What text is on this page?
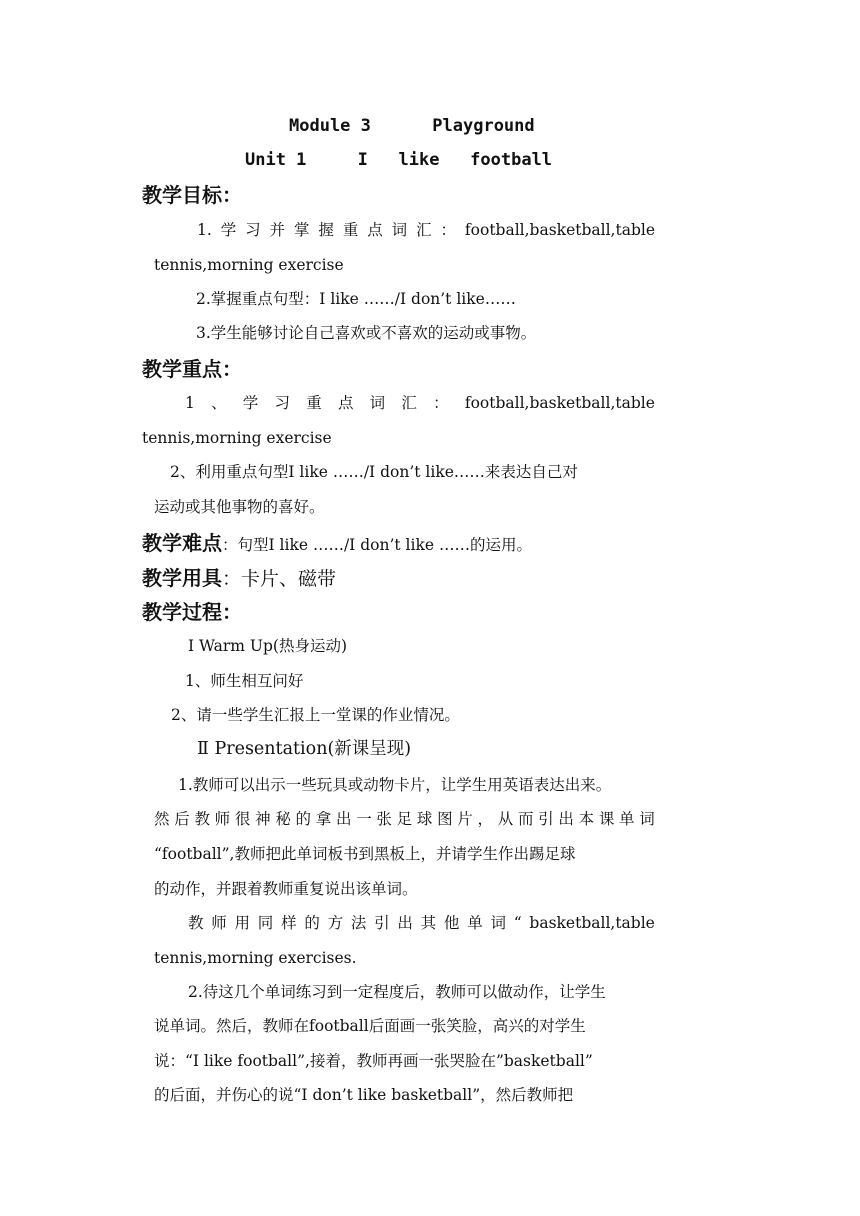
Module 3      Playground
Unit 1     I   like   football
教学目标：
1. 学 习 并 掌 握 重 点 词 汇 ： football,basketball,table
tennis,morning exercise
2.掌握重点句型：I like ……/I don’t like……
3.学生能够讨论自己喜欢或不喜欢的运动或事物。
教学重点：
1 、 学 习 重 点 词 汇 ： football,basketball,table
tennis,morning exercise
2、利用重点句型I like ……/I don’t like……来表达自己对
运动或其他事物的喜好。
教学难点：句型I like ……/I don’t like ……的运用。
教学用具：卡片、磁带
教学过程：
Ⅰ Warm Up(热身运动)
1、师生相互问好
2、请一些学生汇报上一堂课的作业情况。
Ⅱ Presentation(新课呈现)
1.教师可以出示一些玩具或动物卡片，让学生用英语表达出来。
然 后 教 师 很 神 秘 的 拿 出 一 张 足 球 图 片 ， 从 而 引 出 本 课 单 词
“football”,教师把此单词板书到黑板上，并请学生作出踢足球
的动作，并跟着教师重复说出该单词。
教 师 用 同 样 的 方 法 引 出 其 他 单 词 “ basketball,table
tennis,morning exercises.
2.待这几个单词练习到一定程度后，教师可以做动作，让学生
说单词。然后，教师在football后面画一张笑脸，高兴的对学生
说：“I like football”,接着，教师再画一张哭脸在”basketball”
的后面，并伤心的说“I don’t like basketball”，然后教师把
